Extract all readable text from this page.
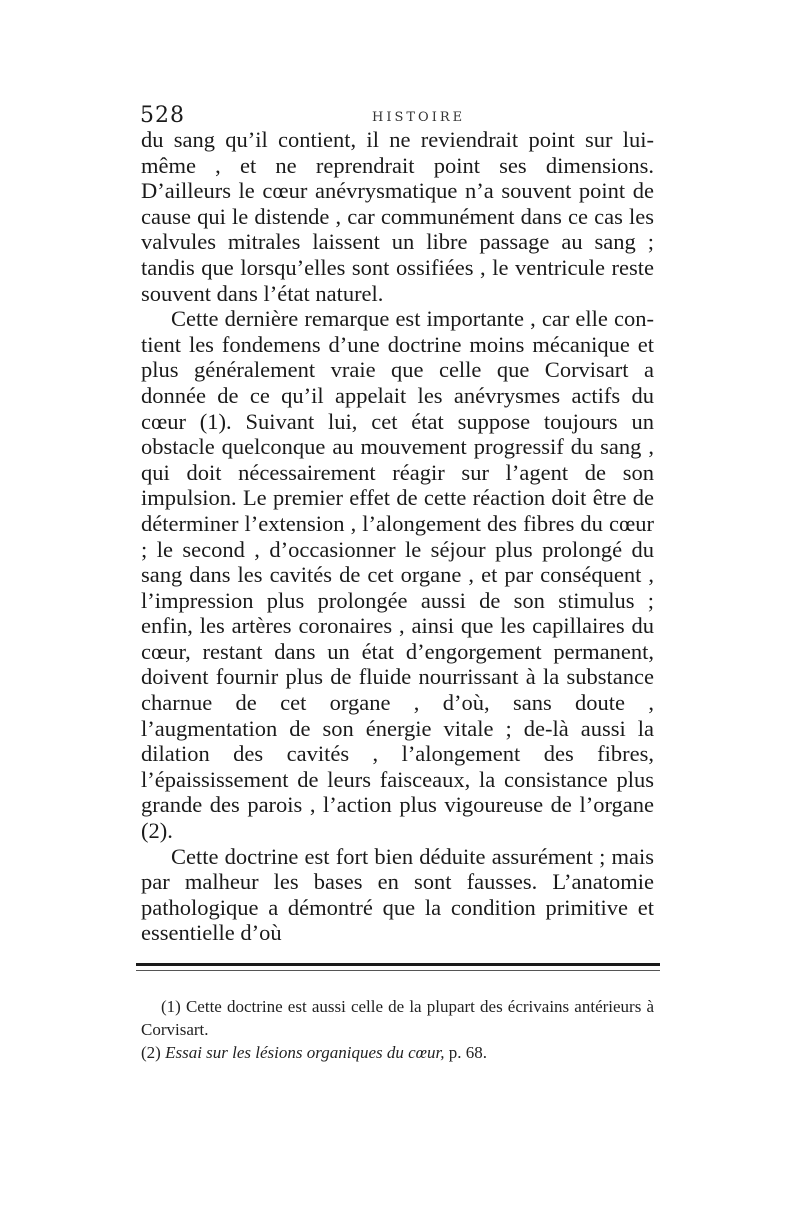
528	HISTOIRE

du sang qu’il contient, il ne reviendrait point sur lui-même , et ne reprendrait point ses dimensions. D’ailleurs le cœur anévrysmatique n’a souvent point de cause qui le distende , car communément dans ce cas les valvules mitrales laissent un libre passage au sang ; tandis que lorsqu’elles sont ossifiées , le ventricule reste souvent dans l’état naturel.

Cette dernière remarque est importante , car elle con-tient les fondemens d’une doctrine moins mécanique et plus généralement vraie que celle que Corvisart a donnée de ce qu’il appelait les anévrysmes actifs du cœur (1). Suivant lui, cet état suppose toujours un obstacle quelconque au mouvement progressif du sang , qui doit nécessairement réagir sur l’agent de son impulsion. Le premier effet de cette réaction doit être de déterminer l’extension , l’alongement des fibres du cœur ; le second , d’occasionner le séjour plus prolongé du sang dans les cavités de cet organe , et par conséquent , l’impression plus prolongée aussi de son stimulus ; enfin, les artères coronaires , ainsi que les capillaires du cœur, restant dans un état d’engorgement permanent, doivent fournir plus de fluide nourrissant à la substance charnue de cet organe , d’où, sans doute , l’augmentation de son énergie vitale ; de-là aussi la dilation des cavités , l’alongement des fibres, l’épaississement de leurs faisceaux, la consistance plus grande des parois , l’action plus vigoureuse de l’organe (2).

Cette doctrine est fort bien déduite assurément ; mais par malheur les bases en sont fausses. L’anatomie pathologique a démontré que la condition primitive et essentielle d’où

(1) Cette doctrine est aussi celle de la plupart des écrivains antérieurs à Corvisart.

(2) Essai sur les lésions organiques du cœur, p. 68.
